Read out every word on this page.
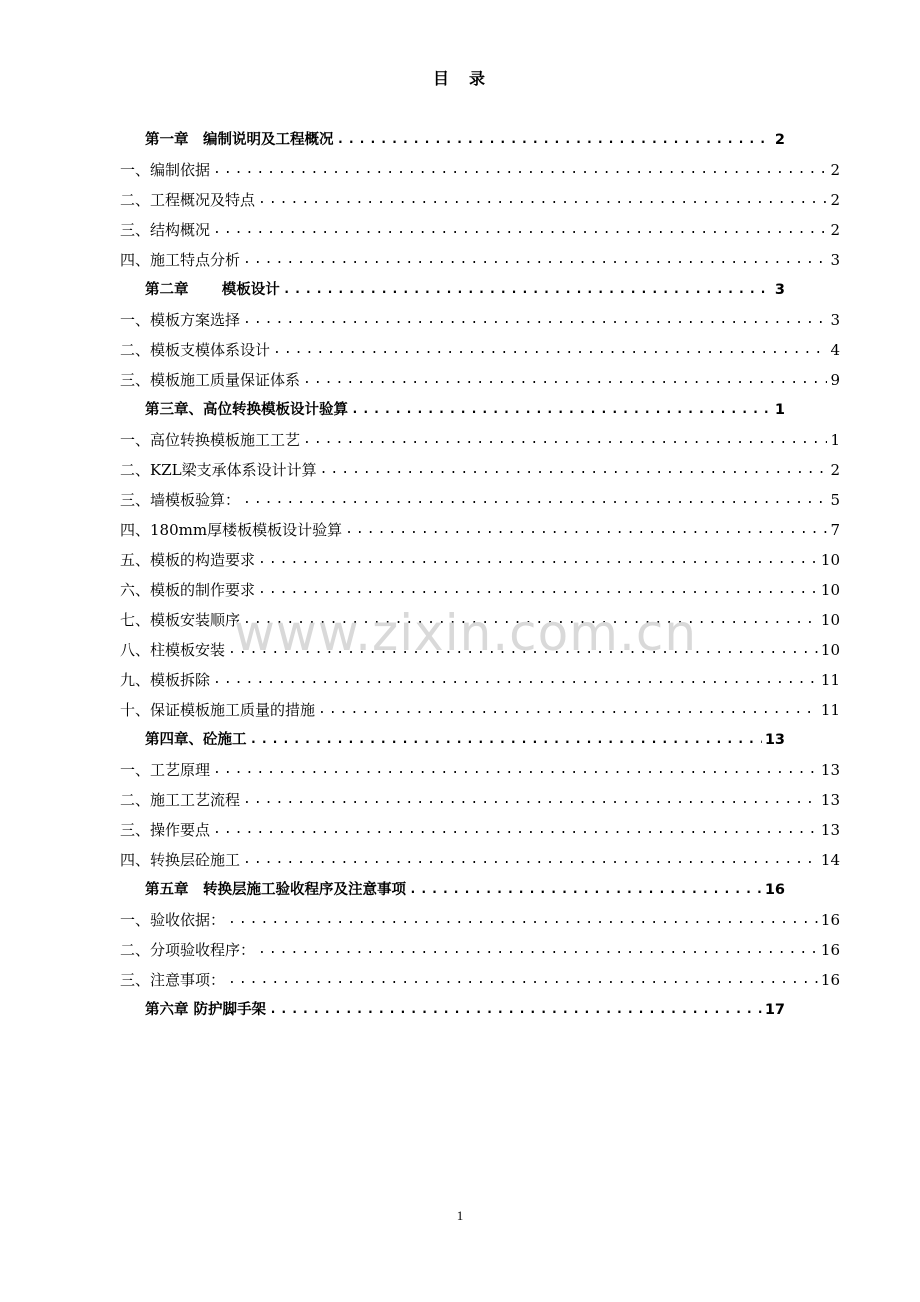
目　录
第一章　编制说明及工程概况 .....	2
一、编制依据 .....	2
二、工程概况及特点 .....	2
三、结构概况 .....	2
四、施工特点分析 .....	3
第二章 模板设计 .....	3
一、模板方案选择 .....	3
二、模板支模体系设计 .....	4
三、模板施工质量保证体系 .....	9
第三章、高位转换模板设计验算 .....	1
一、高位转换模板施工工艺 .....	1
二、KZL梁支承体系设计计算 .....	2
三、墙模板验算： .....	5
四、180mm厚楼板模板设计验算 .....	7
五、模板的构造要求 .....	10
六、模板的制作要求 .....	10
七、模板安装顺序 .....	10
八、柱模板安装 .....	10
九、模板拆除 .....	11
十、保证模板施工质量的措施 .....	11
第四章、砼施工 .....	13
一、工艺原理 .....	13
二、施工工艺流程 .....	13
三、操作要点 .....	13
四、转换层砼施工 .....	14
第五章　转换层施工验收程序及注意事项 .....	16
一、验收依据： .....	16
二、分项验收程序： .....	16
三、注意事项： .....	16
第六章 防护脚手架 .....	17
www.zixin.com.cn
1
